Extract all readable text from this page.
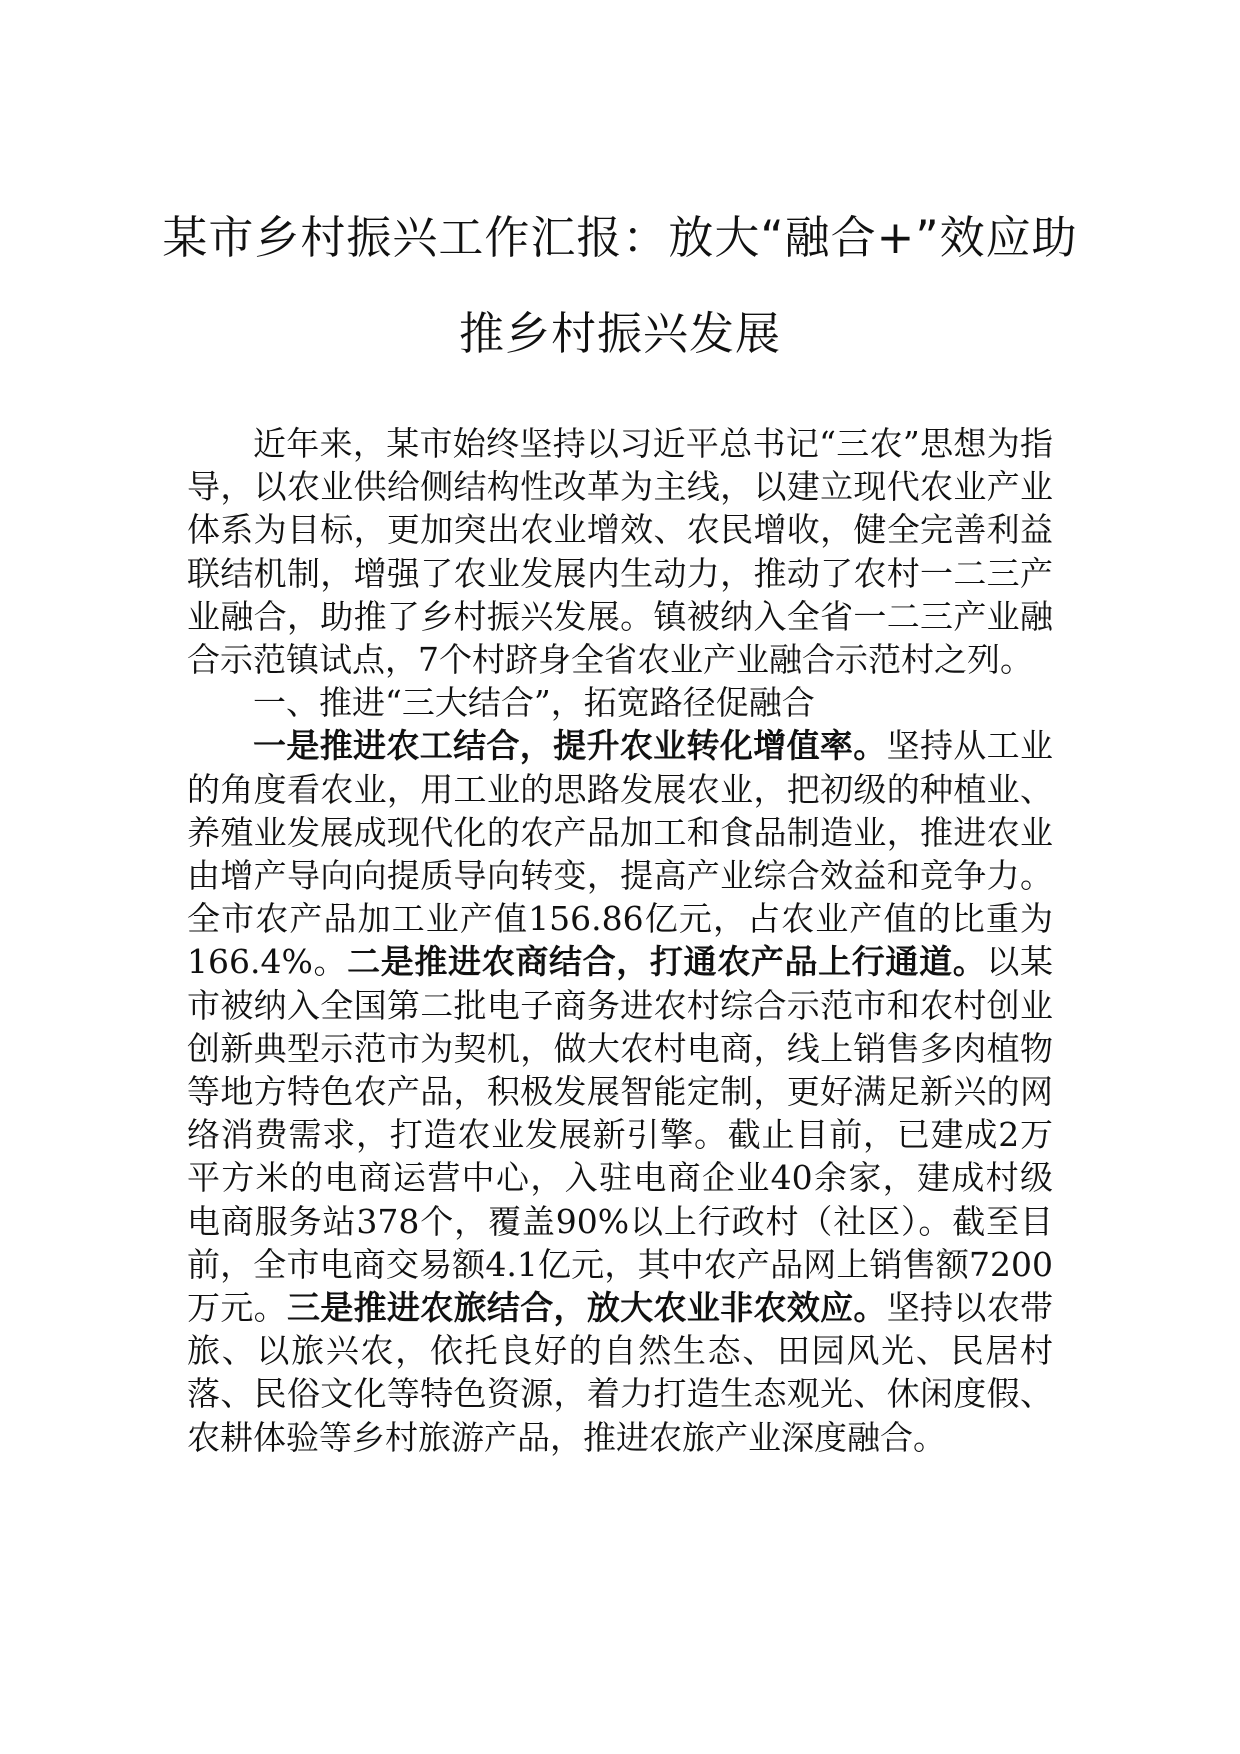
某市乡村振兴工作汇报：放大“融合+”效应助推乡村振兴发展

近年来，某市始终坚持以习近平总书记“三农”思想为指导，以农业供给侧结构性改革为主线，以建立现代农业产业体系为目标，更加突出农业增效、农民增收，健全完善利益联结机制，增强了农业发展内生动力，推动了农村一二三产业融合，助推了乡村振兴发展。镇被纳入全省一二三产业融合示范镇试点，7个村跻身全省农业产业融合示范村之列。

一、推进“三大结合”，拓宽路径促融合

一是推进农工结合，提升农业转化增值率。坚持从工业的角度看农业，用工业的思路发展农业，把初级的种植业、养殖业发展成现代化的农产品加工和食品制造业，推进农业由增产导向向提质导向转变，提高产业综合效益和竞争力。全市农产品加工业产值156.86亿元，占农业产值的比重为166.4%。二是推进农商结合，打通农产品上行通道。以某市被纳入全国第二批电子商务进农村综合示范市和农村创业创新典型示范市为契机，做大农村电商，线上销售多肉植物等地方特色农产品，积极发展智能定制，更好满足新兴的网络消费需求，打造农业发展新引擎。截止目前，已建成2万平方米的电商运营中心，入驻电商企业40余家，建成村级电商服务站378个，覆盖90%以上行政村（社区）。截至目前，全市电商交易额4.1亿元，其中农产品网上销售额7200万元。三是推进农旅结合，放大农业非农效应。坚持以农带旅、以旅兴农，依托良好的自然生态、田园风光、民居村落、民俗文化等特色资源，着力打造生态观光、休闲度假、农耕体验等乡村旅游产品，推进农旅产业深度融合。
